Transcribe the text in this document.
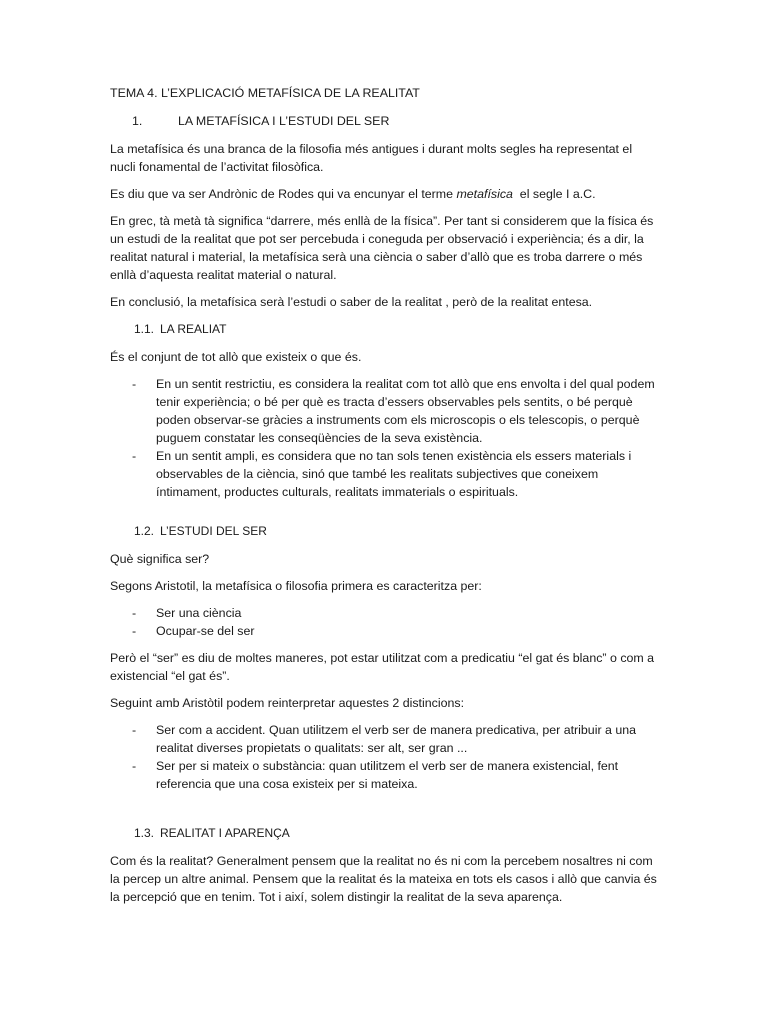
TEMA 4. L’EXPLICACIÓ METAFÍSICA DE LA REALITAT

1.	LA METAFÍSICA I L’ESTUDI DEL SER

La metafísica és una branca de la filosofia més antigues i durant molts segles ha representat el nucli fonamental de l’activitat filosòfica.

Es diu que va ser Andrònic de Rodes qui va encunyar el terme metafísica  el segle I a.C.

En grec, tà metà tà significa “darrere, més enllà de la física”. Per tant si considerem que la física és un estudi de la realitat que pot ser percebuda i coneguda per observació i experiència; és a dir, la realitat natural i material, la metafísica serà una ciència o saber d’allò que es troba darrere o més enllà d’aquesta realitat material o natural.

En conclusió, la metafísica serà l’estudi o saber de la realitat , però de la realitat entesa.

1.1. LA REALIAT

És el conjunt de tot allò que existeix o que és.

- En un sentit restrictiu, es considera la realitat com tot allò que ens envolta i del qual podem tenir experiència; o bé per què es tracta d’essers observables pels sentits, o bé perquè poden observar-se gràcies a instruments com els microscopis o els telescopis, o perquè puguem constatar les conseqüències de la seva existència.
- En un sentit ampli, es considera que no tan sols tenen existència els essers materials i observables de la ciència, sinó que també les realitats subjectives que coneixem íntimament, productes culturals, realitats immaterials o espirituals.
1.2. L’ESTUDI DEL SER

Què significa ser?

Segons Aristotil, la metafísica o filosofia primera es caracteritza per:

- Ser una ciència
- Ocupar-se del ser

Però el “ser” es diu de moltes maneres, pot estar utilitzat com a predicatiu “el gat és blanc” o com a existencial “el gat és”.

Seguint amb Aristòtil podem reinterpretar aquestes 2 distincions:

- Ser com a accident. Quan utilitzem el verb ser de manera predicativa, per atribuir a una realitat diverses propietats o qualitats: ser alt, ser gran ...
- Ser per si mateix o substància: quan utilitzem el verb ser de manera existencial, fent referencia que una cosa existeix per si mateixa.
1.3. REALITAT I APARENÇA

Com és la realitat? Generalment pensem que la realitat no és ni com la percebem nosaltres ni com la percep un altre animal. Pensem que la realitat és la mateixa en tots els casos i allò que canvia és la percepció que en tenim. Tot i així, solem distingir la realitat de la seva aparença.
